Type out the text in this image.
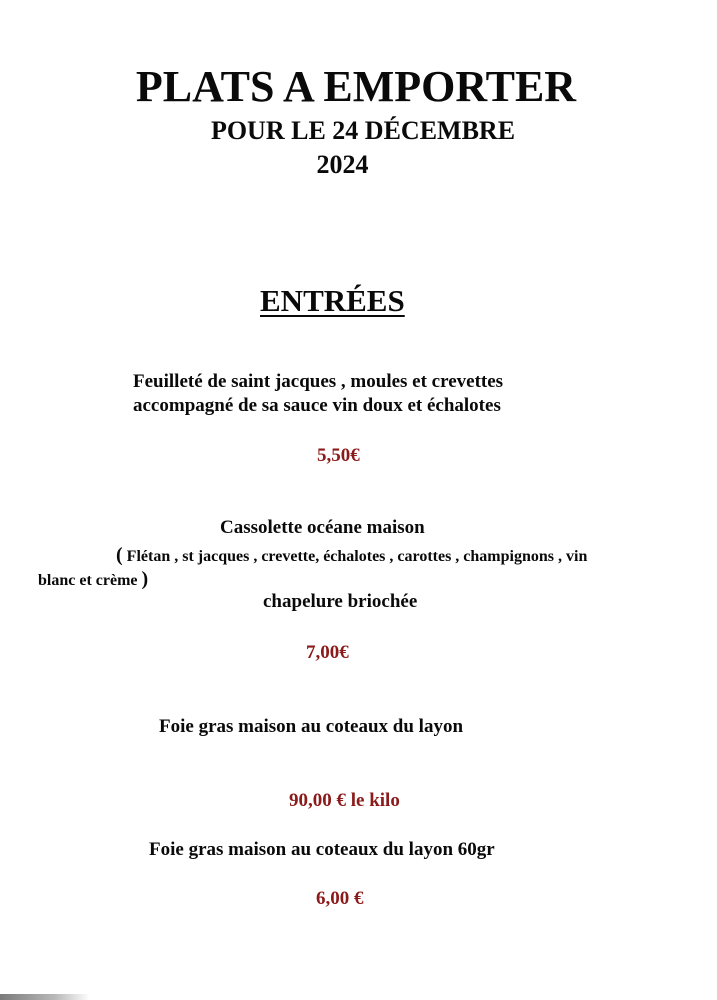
PLATS A EMPORTER
POUR LE 24 DÉCEMBRE
2024
ENTRÉES
Feuilleté de saint jacques , moules et crevettes
accompagné de sa sauce vin doux et échalotes
5,50€
Cassolette océane maison
( Flétan , st jacques , crevette, échalotes , carottes , champignons , vin
blanc et crème )
chapelure briochée
7,00€
Foie gras maison au coteaux du layon
90,00 € le kilo
Foie gras maison au coteaux du layon 60gr
6,00 €
